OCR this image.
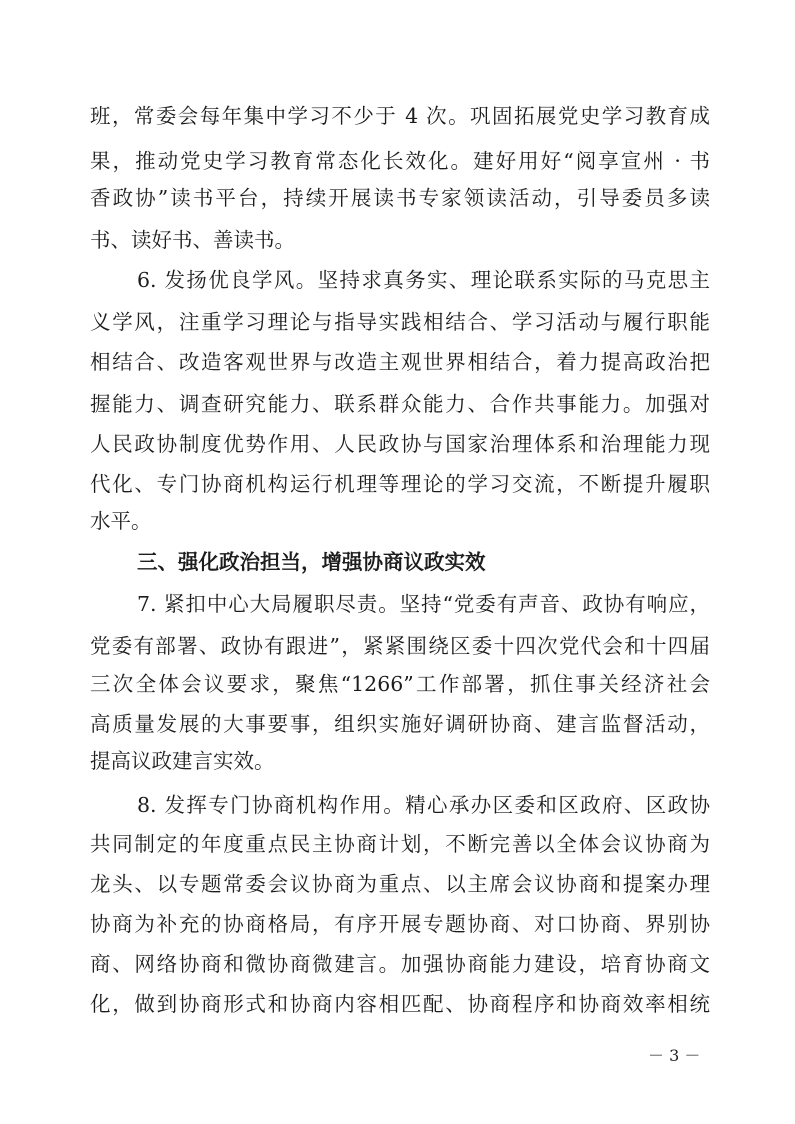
班，常委会每年集中学习不少于 4 次。巩固拓展党史学习教育成
果，推动党史学习教育常态化长效化。建好用好“阅享宣州 · 书
香政协”读书平台，持续开展读书专家领读活动，引导委员多读
书、读好书、善读书。
6. 发扬优良学风。坚持求真务实、理论联系实际的马克思主
义学风，注重学习理论与指导实践相结合、学习活动与履行职能
相结合、改造客观世界与改造主观世界相结合，着力提高政治把
握能力、调查研究能力、联系群众能力、合作共事能力。加强对
人民政协制度优势作用、人民政协与国家治理体系和治理能力现
代化、专门协商机构运行机理等理论的学习交流，不断提升履职
水平。
三、强化政治担当，增强协商议政实效
7. 紧扣中心大局履职尽责。坚持“党委有声音、政协有响应，
党委有部署、政协有跟进”，紧紧围绕区委十四次党代会和十四届
三次全体会议要求，聚焦“1266”工作部署，抓住事关经济社会
高质量发展的大事要事，组织实施好调研协商、建言监督活动，
提高议政建言实效。
8. 发挥专门协商机构作用。精心承办区委和区政府、区政协
共同制定的年度重点民主协商计划，不断完善以全体会议协商为
龙头、以专题常委会议协商为重点、以主席会议协商和提案办理
协商为补充的协商格局，有序开展专题协商、对口协商、界别协
商、网络协商和微协商微建言。加强协商能力建设，培育协商文
化，做到协商形式和协商内容相匹配、协商程序和协商效率相统
－ 3 －
